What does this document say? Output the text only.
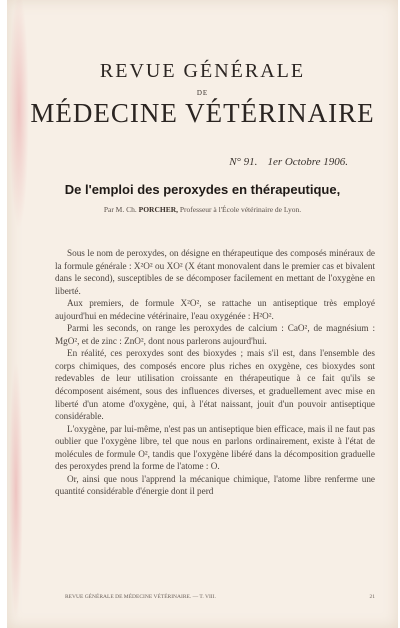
REVUE GÉNÉRALE
DE
MÉDECINE VÉTÉRINAIRE
N° 91. 1er Octobre 1906.
De l'emploi des peroxydes en thérapeutique,
Par M. Ch. PORCHER, Professeur à l'École vétérinaire de Lyon.

Sous le nom de peroxydes, on désigne en thérapeutique des composés minéraux de la formule générale : X²O² ou XO² (X étant monovalent dans le premier cas et bivalent dans le second), susceptibles de se décomposer facilement en mettant de l'oxygène en liberté.

Aux premiers, de formule X²O², se rattache un antiseptique très employé aujourd'hui en médecine vétérinaire, l'eau oxygénée : H²O².

Parmi les seconds, on range les peroxydes de calcium : CaO², de magnésium : MgO², et de zinc : ZnO², dont nous parlerons aujourd'hui.

En réalité, ces peroxydes sont des bioxydes ; mais s'il est, dans l'ensemble des corps chimiques, des composés encore plus riches en oxygène, ces bioxydes sont redevables de leur utilisation croissante en thérapeutique à ce fait qu'ils se décomposent aisément, sous des influences diverses, et graduellement avec mise en liberté d'un atome d'oxygène, qui, à l'état naissant, jouit d'un pouvoir antiseptique considérable.

L'oxygène, par lui-même, n'est pas un antiseptique bien efficace, mais il ne faut pas oublier que l'oxygène libre, tel que nous en parlons ordinairement, existe à l'état de molécules de formule O², tandis que l'oxygène libéré dans la décomposition graduelle des peroxydes prend la forme de l'atome : O.

Or, ainsi que nous l'apprend la mécanique chimique, l'atome libre renferme une quantité considérable d'énergie dont il perd

REVUE GÉNÉRALE DE MÉDECINE VÉTÉRINAIRE. — T. VIII.	21
